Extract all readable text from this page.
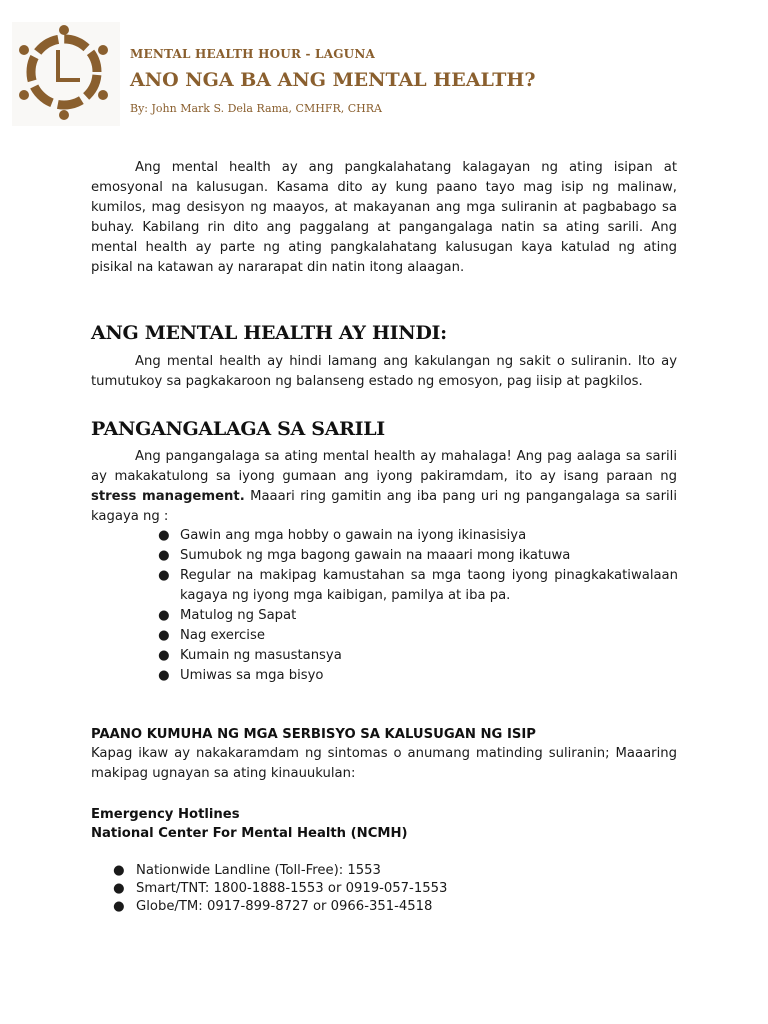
MENTAL HEALTH HOUR - LAGUNA
ANO NGA BA ANG MENTAL HEALTH?
By: John Mark S. Dela Rama, CMHFR, CHRA
Ang mental health ay ang pangkalahatang kalagayan ng ating isipan at emosyonal na kalusugan. Kasama dito ay kung paano tayo mag isip ng malinaw, kumilos, mag desisyon ng maayos, at makayanan ang mga suliranin at pagbabago sa buhay. Kabilang rin dito ang paggalang at pangangalaga natin sa ating sarili. Ang mental health ay parte ng ating pangkalahatang kalusugan kaya katulad ng ating pisikal na katawan ay nararapat din natin itong alaagan.
ANG MENTAL HEALTH AY HINDI:
Ang mental health ay hindi lamang ang kakulangan ng sakit o suliranin. Ito ay tumutukoy sa pagkakaroon ng balanseng estado ng emosyon, pag iisip at pagkilos.
PANGANGALAGA SA SARILI
Ang pangangalaga sa ating mental health ay mahalaga! Ang pag aalaga sa sarili ay makakatulong sa iyong gumaan ang iyong pakiramdam, ito ay isang paraan ng stress management. Maaari ring gamitin ang iba pang uri ng pangangalaga sa sarili kagaya ng :
● Gawin ang mga hobby o gawain na iyong ikinasisiya
● Sumubok ng mga bagong gawain na maaari mong ikatuwa
● Regular na makipag kamustahan sa mga taong iyong pinagkakatiwalaan kagaya ng iyong mga kaibigan, pamilya at iba pa.
● Matulog ng Sapat
● Nag exercise
● Kumain ng masustansya
● Umiwas sa mga bisyo
PAANO KUMUHA NG MGA SERBISYO SA KALUSUGAN NG ISIP
Kapag ikaw ay nakakaramdam ng sintomas o anumang matinding suliranin; Maaaring makipag ugnayan sa ating kinauukulan:
Emergency Hotlines
National Center For Mental Health (NCMH)
● Nationwide Landline (Toll-Free): 1553
● Smart/TNT: 1800-1888-1553 or 0919-057-1553
● Globe/TM: 0917-899-8727 or 0966-351-4518
